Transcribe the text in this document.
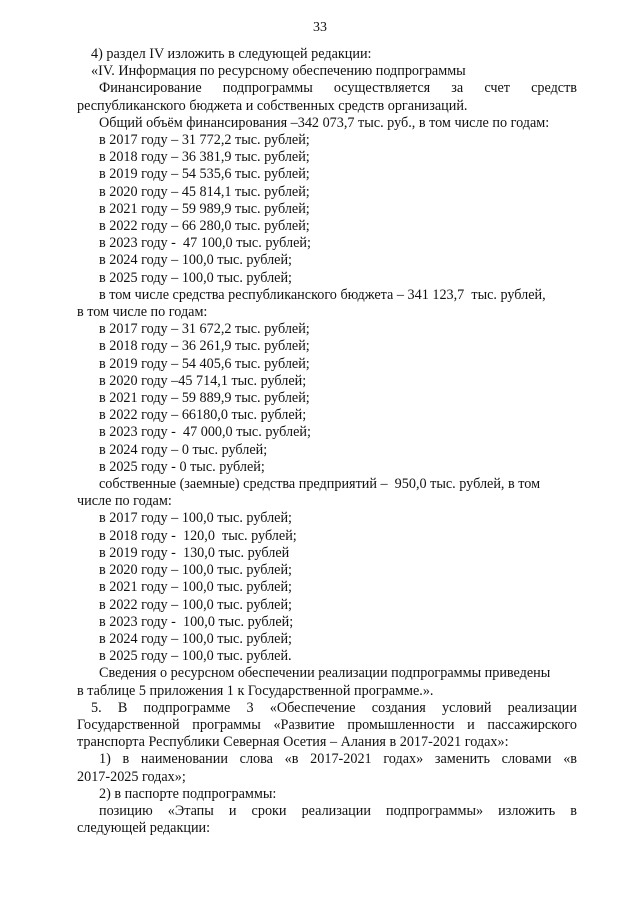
33
4) раздел IV изложить в следующей редакции:
«IV. Информация по ресурсному обеспечению подпрограммы
Финансирование подпрограммы осуществляется за счет средств
республиканского бюджета и собственных средств организаций.
Общий объём финансирования –342 073,7 тыс. руб., в том числе по годам:
в 2017 году – 31 772,2 тыс. рублей;
в 2018 году – 36 381,9 тыс. рублей;
в 2019 году – 54 535,6 тыс. рублей;
в 2020 году – 45 814,1 тыс. рублей;
в 2021 году – 59 989,9 тыс. рублей;
в 2022 году – 66 280,0 тыс. рублей;
в 2023 году -  47 100,0 тыс. рублей;
в 2024 году – 100,0 тыс. рублей;
в 2025 году – 100,0 тыс. рублей;
в том числе средства республиканского бюджета – 341 123,7  тыс. рублей,
в том числе по годам:
в 2017 году – 31 672,2 тыс. рублей;
в 2018 году – 36 261,9 тыс. рублей;
в 2019 году – 54 405,6 тыс. рублей;
в 2020 году –45 714,1 тыс. рублей;
в 2021 году – 59 889,9 тыс. рублей;
в 2022 году – 66180,0 тыс. рублей;
в 2023 году -  47 000,0 тыс. рублей;
в 2024 году – 0 тыс. рублей;
в 2025 году - 0 тыс. рублей;
собственные (заемные) средства предприятий –  950,0 тыс. рублей, в том
числе по годам:
в 2017 году – 100,0 тыс. рублей;
в 2018 году -  120,0  тыс. рублей;
в 2019 году -  130,0 тыс. рублей
в 2020 году – 100,0 тыс. рублей;
в 2021 году – 100,0 тыс. рублей;
в 2022 году – 100,0 тыс. рублей;
в 2023 году -  100,0 тыс. рублей;
в 2024 году – 100,0 тыс. рублей;
в 2025 году – 100,0 тыс. рублей.
Сведения о ресурсном обеспечении реализации подпрограммы приведены
в таблице 5 приложения 1 к Государственной программе.».
5. В подпрограмме 3 «Обеспечение создания условий реализации
Государственной программы «Развитие промышленности и пассажирского
транспорта Республики Северная Осетия – Алания в 2017-2021 годах»:
1) в наименовании слова «в 2017-2021 годах» заменить словами «в
2017-2025 годах»;
2) в паспорте подпрограммы:
позицию «Этапы и сроки реализации подпрограммы» изложить в
следующей редакции:
